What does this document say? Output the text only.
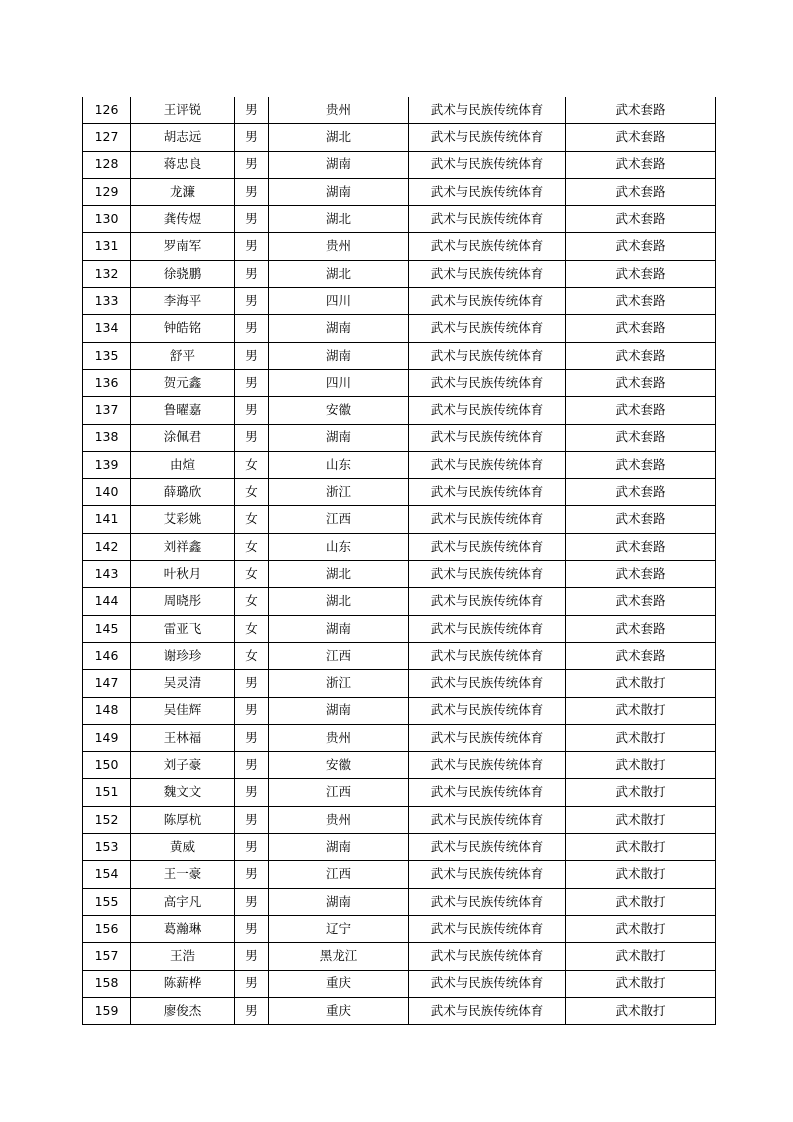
126	王评锐	男	贵州	武术与民族传统体育	武术套路
127	胡志远	男	湖北	武术与民族传统体育	武术套路
128	蒋忠良	男	湖南	武术与民族传统体育	武术套路
129	龙濂	男	湖南	武术与民族传统体育	武术套路
130	龚传煜	男	湖北	武术与民族传统体育	武术套路
131	罗南军	男	贵州	武术与民族传统体育	武术套路
132	徐骁鹏	男	湖北	武术与民族传统体育	武术套路
133	李海平	男	四川	武术与民族传统体育	武术套路
134	钟皓铭	男	湖南	武术与民族传统体育	武术套路
135	舒平	男	湖南	武术与民族传统体育	武术套路
136	贺元鑫	男	四川	武术与民族传统体育	武术套路
137	鲁曜嘉	男	安徽	武术与民族传统体育	武术套路
138	涂佩君	男	湖南	武术与民族传统体育	武术套路
139	由煊	女	山东	武术与民族传统体育	武术套路
140	薛璐欣	女	浙江	武术与民族传统体育	武术套路
141	艾彩姚	女	江西	武术与民族传统体育	武术套路
142	刘祥鑫	女	山东	武术与民族传统体育	武术套路
143	叶秋月	女	湖北	武术与民族传统体育	武术套路
144	周晓彤	女	湖北	武术与民族传统体育	武术套路
145	雷亚飞	女	湖南	武术与民族传统体育	武术套路
146	谢珍珍	女	江西	武术与民族传统体育	武术套路
147	吴灵清	男	浙江	武术与民族传统体育	武术散打
148	吴佳辉	男	湖南	武术与民族传统体育	武术散打
149	王林福	男	贵州	武术与民族传统体育	武术散打
150	刘子豪	男	安徽	武术与民族传统体育	武术散打
151	魏文文	男	江西	武术与民族传统体育	武术散打
152	陈厚杭	男	贵州	武术与民族传统体育	武术散打
153	黄威	男	湖南	武术与民族传统体育	武术散打
154	王一豪	男	江西	武术与民族传统体育	武术散打
155	高宇凡	男	湖南	武术与民族传统体育	武术散打
156	葛瀚琳	男	辽宁	武术与民族传统体育	武术散打
157	王浩	男	黑龙江	武术与民族传统体育	武术散打
158	陈薪桦	男	重庆	武术与民族传统体育	武术散打
159	廖俊杰	男	重庆	武术与民族传统体育	武术散打
